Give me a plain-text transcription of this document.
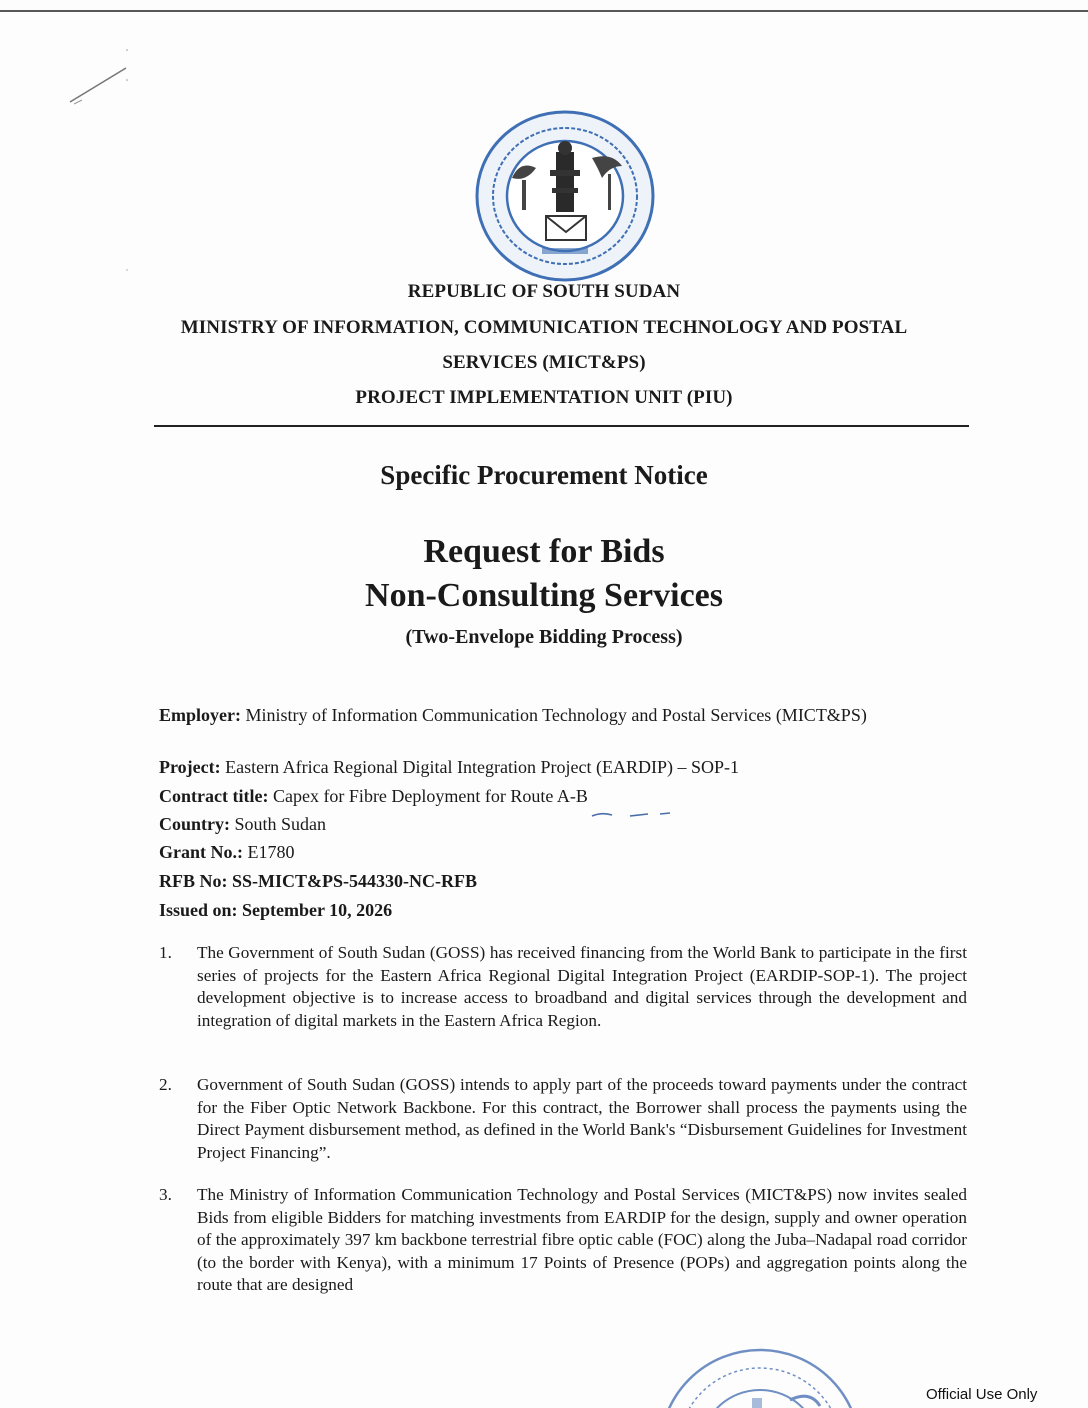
REPUBLIC OF SOUTH SUDAN
MINISTRY OF INFORMATION, COMMUNICATION TECHNOLOGY AND POSTAL
SERVICES (MICT&PS)
PROJECT IMPLEMENTATION UNIT (PIU)
Specific Procurement Notice
Request for Bids
Non-Consulting Services
(Two-Envelope Bidding Process)
Employer: Ministry of Information Communication Technology and Postal Services (MICT&PS)
Project: Eastern Africa Regional Digital Integration Project (EARDIP) – SOP-1
Contract title: Capex for Fibre Deployment for Route A-B
Country: South Sudan
Grant No.: E1780
RFB No: SS-MICT&PS-544330-NC-RFB
Issued on: September 10, 2026
1.	The Government of South Sudan (GOSS) has received financing from the World Bank to participate in the first series of projects for the Eastern Africa Regional Digital Integration Project (EARDIP-SOP-1). The project development objective is to increase access to broadband and digital services through the development and integration of digital markets in the Eastern Africa Region.
2.	Government of South Sudan (GOSS) intends to apply part of the proceeds toward payments under the contract for the Fiber Optic Network Backbone. For this contract, the Borrower shall process the payments using the Direct Payment disbursement method, as defined in the World Bank's “Disbursement Guidelines for Investment Project Financing”.
3.	The Ministry of Information Communication Technology and Postal Services (MICT&PS) now invites sealed Bids from eligible Bidders for matching investments from EARDIP for the design, supply and owner operation of the approximately 397 km backbone terrestrial fibre optic cable (FOC) along the Juba–Nadapal road corridor (to the border with Kenya), with a minimum 17 Points of Presence (POPs) and aggregation points along the route that are designed
Official Use Only
